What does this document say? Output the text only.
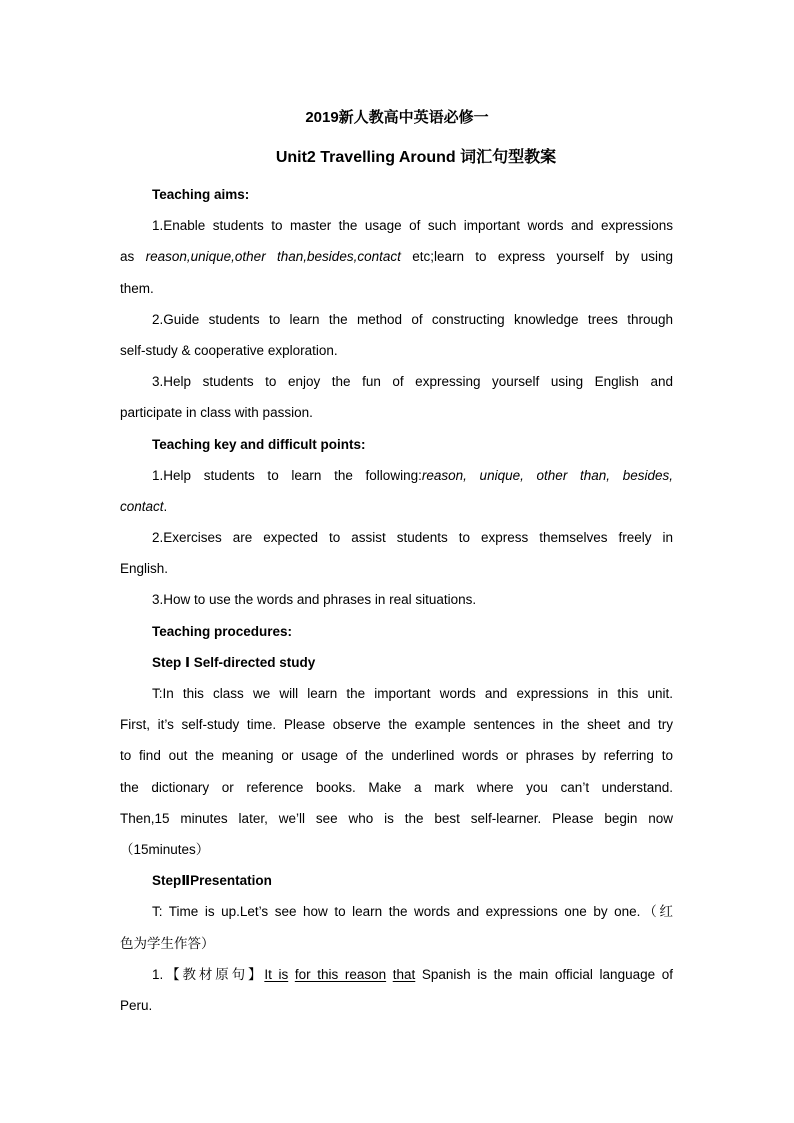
2019新人教高中英语必修一
Unit2 Travelling Around 词汇句型教案
Teaching aims:
1.Enable students to master the usage of such important words and expressions
as reason,unique,other than,besides,contact etc;learn to express yourself by using
them.
2.Guide students to learn the method of constructing knowledge trees through
self-study & cooperative exploration.
3.Help students to enjoy the fun of expressing yourself using English and
participate in class with passion.
Teaching key and difficult points:
1.Help students to learn the following:reason, unique, other than, besides,
contact.
2.Exercises are expected to assist students to express themselves freely in
English.
3.How to use the words and phrases in real situations.
Teaching procedures:
Step Ⅰ Self-directed study
T:In this class we will learn the important words and expressions in this unit.
First, it’s self-study time. Please observe the example sentences in the sheet and try
to find out the meaning or usage of the underlined words or phrases by referring to
the dictionary or reference books. Make a mark where you can’t understand.
Then,15 minutes later, we’ll see who is the best self-learner. Please begin now
（15minutes）
StepⅡPresentation
T: Time is up.Let’s see how to learn the words and expressions one by one.（红
色为学生作答）
1.【教材原句】It is for this reason that Spanish is the main official language of
Peru.
